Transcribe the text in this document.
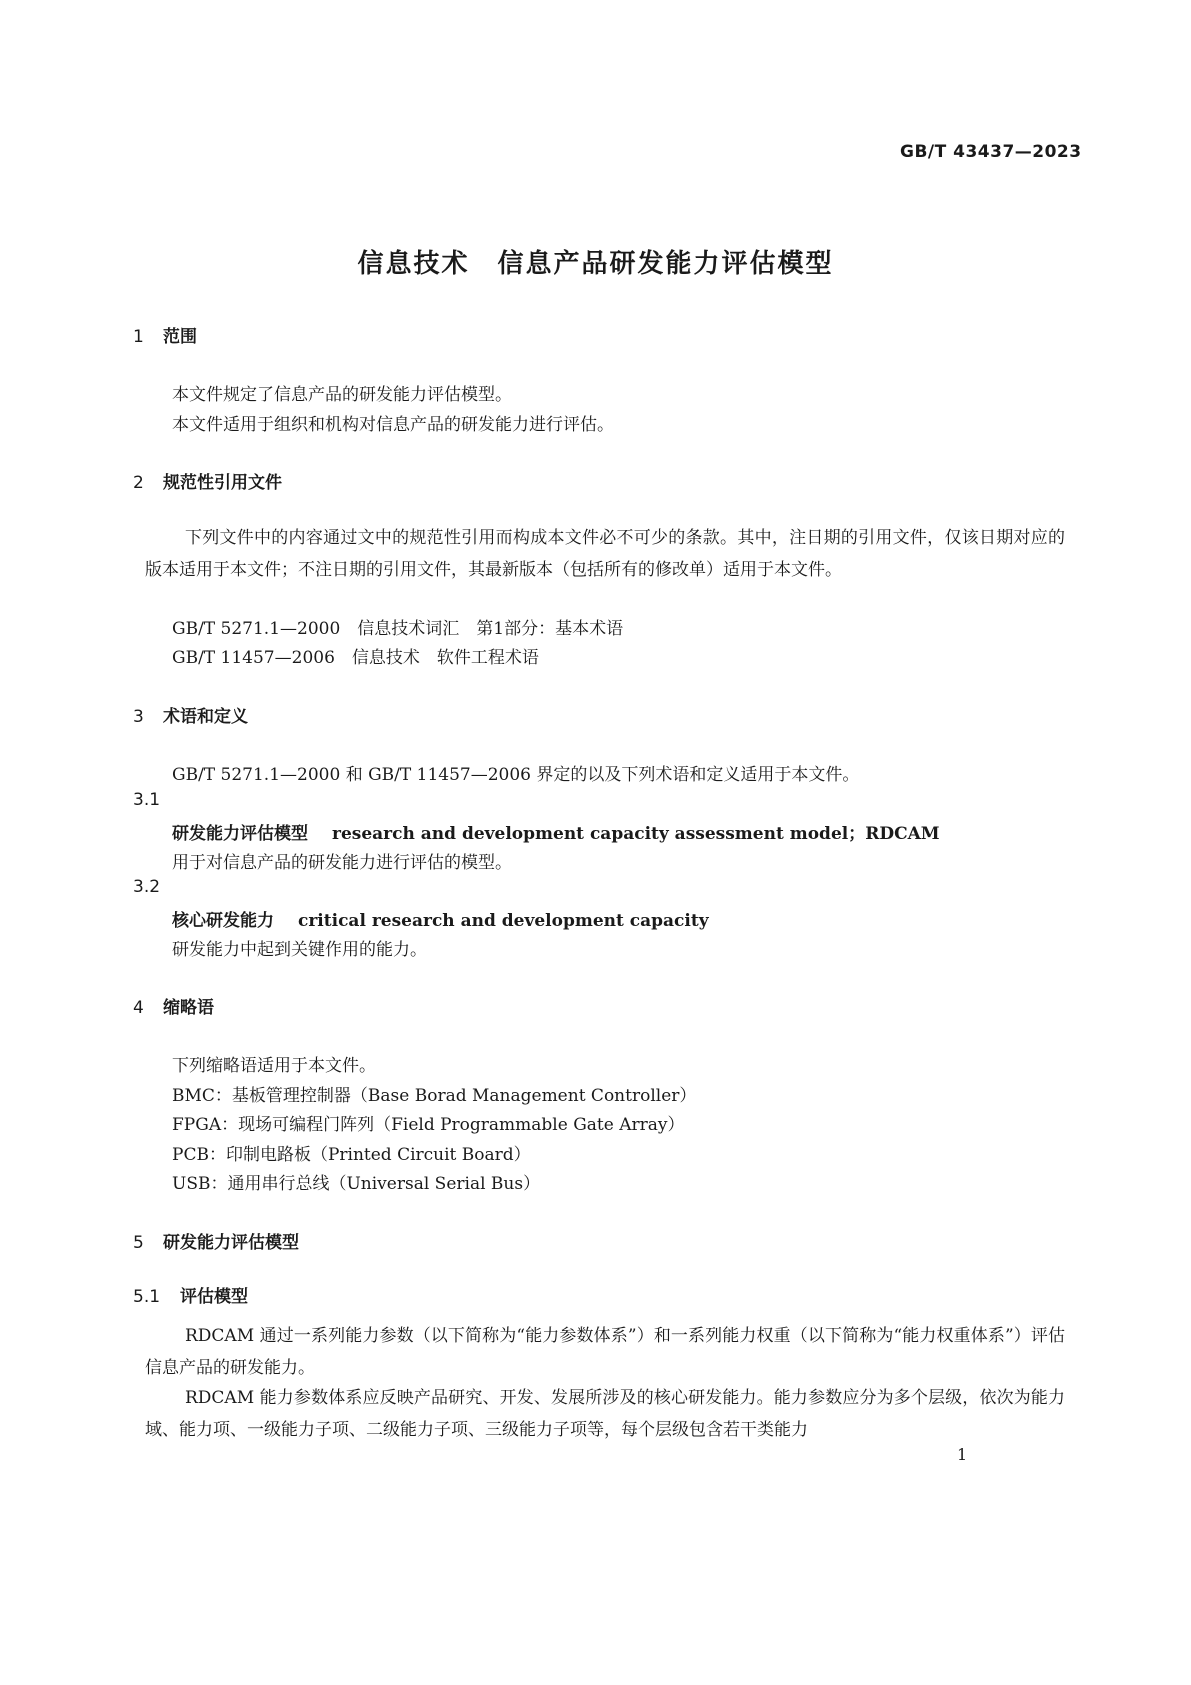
GB/T 43437—2023
信息技术　信息产品研发能力评估模型
1 范围
本文件规定了信息产品的研发能力评估模型。
本文件适用于组织和机构对信息产品的研发能力进行评估。
2 规范性引用文件
下列文件中的内容通过文中的规范性引用而构成本文件必不可少的条款。其中，注日期的引用文件，仅该日期对应的版本适用于本文件；不注日期的引用文件，其最新版本（包括所有的修改单）适用于本文件。
GB/T 5271.1—2000　信息技术词汇　第1部分：基本术语
GB/T 11457—2006　信息技术　软件工程术语
3 术语和定义
GB/T 5271.1—2000 和 GB/T 11457—2006 界定的以及下列术语和定义适用于本文件。
3.1
研发能力评估模型 research and development capacity assessment model；RDCAM
用于对信息产品的研发能力进行评估的模型。
3.2
核心研发能力 critical research and development capacity
研发能力中起到关键作用的能力。
4 缩略语
下列缩略语适用于本文件。
BMC：基板管理控制器（Base Borad Management Controller）
FPGA：现场可编程门阵列（Field Programmable Gate Array）
PCB：印制电路板（Printed Circuit Board）
USB：通用串行总线（Universal Serial Bus）
5 研发能力评估模型
5.1 评估模型
RDCAM 通过一系列能力参数（以下简称为“能力参数体系”）和一系列能力权重（以下简称为“能力权重体系”）评估信息产品的研发能力。
RDCAM 能力参数体系应反映产品研究、开发、发展所涉及的核心研发能力。能力参数应分为多个层级，依次为能力域、能力项、一级能力子项、二级能力子项、三级能力子项等，每个层级包含若干类能力
1
